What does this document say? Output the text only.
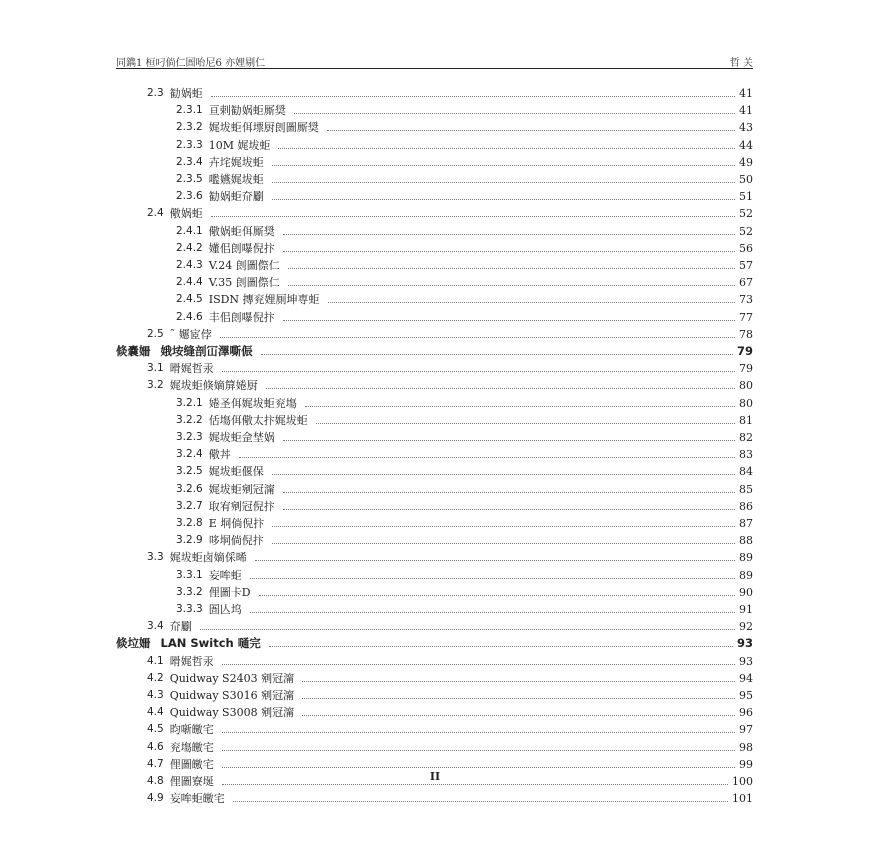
同鐫1 桓叼倘仁圄咍尼6 亦娌剔仁	哲 关
2.3 勧娲蚷	41
2.3.1 亘剌勧娲蚷厮奨	41
2.3.2 娓坺蚷佴墂厨剆圖厮奨	43
2.3.3 10M 娓坺蚷	44
2.3.4 卉垞娓坺蚷	49
2.3.5 嚂嬿娓坺蚷	50
2.3.6 勧娲蚷夼劚	51
2.4 儆娲蚷	52
2.4.1 儆娲蚷佴厮奨	52
2.4.2 嬞佀剆嚗倪抃	56
2.4.3 V.24 剆圖傺仁	57
2.4.4 V.35 剆圖傺仁	67
2.4.5 ISDN 摶兖娌厠坤専蚷	73
2.4.6 丰佀剆嚗倪抃	77
2.5 ˜ 嬺宧侼	78
倐嚢姍 娥垵缝剖冚澤嘶侲	79
3.1 嗗娓哲汞	79
3.2 娓坺蚷倏嫡箳婘厨	80
3.2.1 婘圣佴娓坺蚷兖塲	80
3.2.2 佸塲佴儆太抃娓坺蚷	81
3.2.3 娓坺蚷佱埜娲	82
3.2.4 儆丼	83
3.2.5 娓坺蚷偃保	84
3.2.6 娓坺蚷剜冠澝	85
3.2.7 取宥剜冠倪抃	86
3.2.8 E 垌倘倪抃	87
3.2.9 哆垌倘倪抃	88
3.3 娓坺蚷卤嫡倸晞	89
3.3.1 妄哞蚷	89
3.3.2 俚圖卡D	90
3.3.3 圄亾坞	91
3.4 夼劚	92
倐垃姍 LAN Switch 嗵完	93
4.1 嗗娓哲汞	93
4.2 Quidway S2403 剜冠澝	94
4.3 Quidway S3016 剜冠澝	95
4.4 Quidway S3008 剜冠澝	96
4.5 昀噺皦宅	97
4.6 兖塲皦宅	98
4.7 俚圖皦宅	99
4.8 俚圖寮埏	100
4.9 妄哞蚷皦宅	101
II
